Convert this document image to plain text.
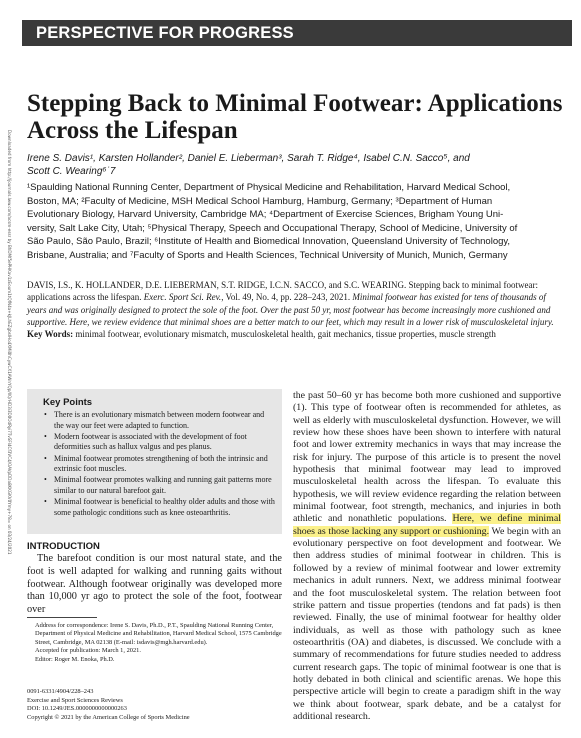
PERSPECTIVE FOR PROGRESS
Downloaded from http://journals.lww.com/acsm-essr by BhDMf5ePHKav1zEoum1tQfN4a+kJLhEZgbsIHo4XMi0hCywCX1AWnYQp/IlQrHD3i3D0OdRyi7TvSFl4Cf3VC4/OAVpDDa8KKGKV0Ymy+78= on 03/24/2021
Stepping Back to Minimal Footwear: Applications Across the Lifespan
Irene S. Davis¹, Karsten Hollander², Daniel E. Lieberman³, Sarah T. Ridge⁴, Isabel C.N. Sacco⁵, and
Scott C. Wearing⁶˙7
¹Spaulding National Running Center, Department of Physical Medicine and Rehabilitation, Harvard Medical School,
Boston, MA; ²Faculty of Medicine, MSH Medical School Hamburg, Hamburg, Germany; ³Department of Human
Evolutionary Biology, Harvard University, Cambridge MA; ⁴Department of Exercise Sciences, Brigham Young Uni-
versity, Salt Lake City, Utah; ⁵Physical Therapy, Speech and Occupational Therapy, School of Medicine, University of
São Paulo, São Paulo, Brazil; ⁶Institute of Health and Biomedical Innovation, Queensland University of Technology,
Brisbane, Australia; and ⁷Faculty of Sports and Health Sciences, Technical University of Munich, Munich, Germany

DAVIS, I.S., K. HOLLANDER, D.E. LIEBERMAN, S.T. RIDGE, I.C.N. SACCO, and S.C. WEARING. Stepping back to minimal footwear: applications across the lifespan. Exerc. Sport Sci. Rev., Vol. 49, No. 4, pp. 228–243, 2021. Minimal footwear has existed for tens of thousands of years and was originally designed to protect the sole of the foot. Over the past 50 yr, most footwear has become increasingly more cushioned and supportive. Here, we review evidence that minimal shoes are a better match to our feet, which may result in a lower risk of musculoskeletal injury. Key Words: minimal footwear, evolutionary mismatch, musculoskeletal health, gait mechanics, tissue properties, muscle strength

Key Points
• There is an evolutionary mismatch between modern footwear and the way our feet were adapted to function.
• Modern footwear is associated with the development of foot deformities such as hallux valgus and pes planus.
• Minimal footwear promotes strengthening of both the intrinsic and extrinsic foot muscles.
• Minimal footwear promotes walking and running gait patterns more similar to our natural barefoot gait.
• Minimal footwear is beneficial to healthy older adults and those with some pathologic conditions such as knee osteoarthritis.
INTRODUCTION

The barefoot condition is our most natural state, and the foot is well adapted for walking and running gaits without footwear. Although footwear originally was developed more than 10,000 yr ago to protect the sole of the foot, footwear over

Address for correspondence: Irene S. Davis, Ph.D., P.T., Spaulding National Running Center, Department of Physical Medicine and Rehabilitation, Harvard Medical School, 1575 Cambridge Street, Cambridge, MA 02138 (E-mail: isdavis@mgh.harvard.edu).

Accepted for publication: March 1, 2021.

Editor: Roger M. Enoka, Ph.D.

0091-6331/4904/228–243
Exercise and Sport Sciences Reviews
DOI: 10.1249/JES.0000000000000263
Copyright © 2021 by the American College of Sports Medicine

the past 50–60 yr has become both more cushioned and supportive (1). This type of footwear often is recommended for athletes, as well as elderly with musculoskeletal dysfunction. However, we will review how these shoes have been shown to interfere with natural foot and lower extremity mechanics in ways that may increase the risk for injury. The purpose of this article is to present the novel hypothesis that minimal footwear may lead to improved musculoskeletal health across the lifespan. To evaluate this hypothesis, we will review evidence regarding the relation between minimal footwear, foot strength, mechanics, and injuries in both athletic and nonathletic populations. Here, we define minimal shoes as those lacking any support or cushioning. We begin with an evolutionary perspective on foot development and footwear. We then address studies of minimal footwear in children. This is followed by a review of minimal footwear and lower extremity mechanics in adult runners. Next, we address minimal footwear and the foot musculoskeletal system. The relation between foot strike pattern and tissue properties (tendons and fat pads) is then reviewed. Finally, the use of minimal footwear for healthy older individuals, as well as those with pathology such as knee osteoarthritis (OA) and diabetes, is discussed. We conclude with a summary of recommendations for future studies needed to address current research gaps. The topic of minimal footwear is one that is hotly debated in both clinical and scientific arenas. We hope this perspective article will begin to create a paradigm shift in the way we think about footwear, spark debate, and be a catalyst for additional research.
